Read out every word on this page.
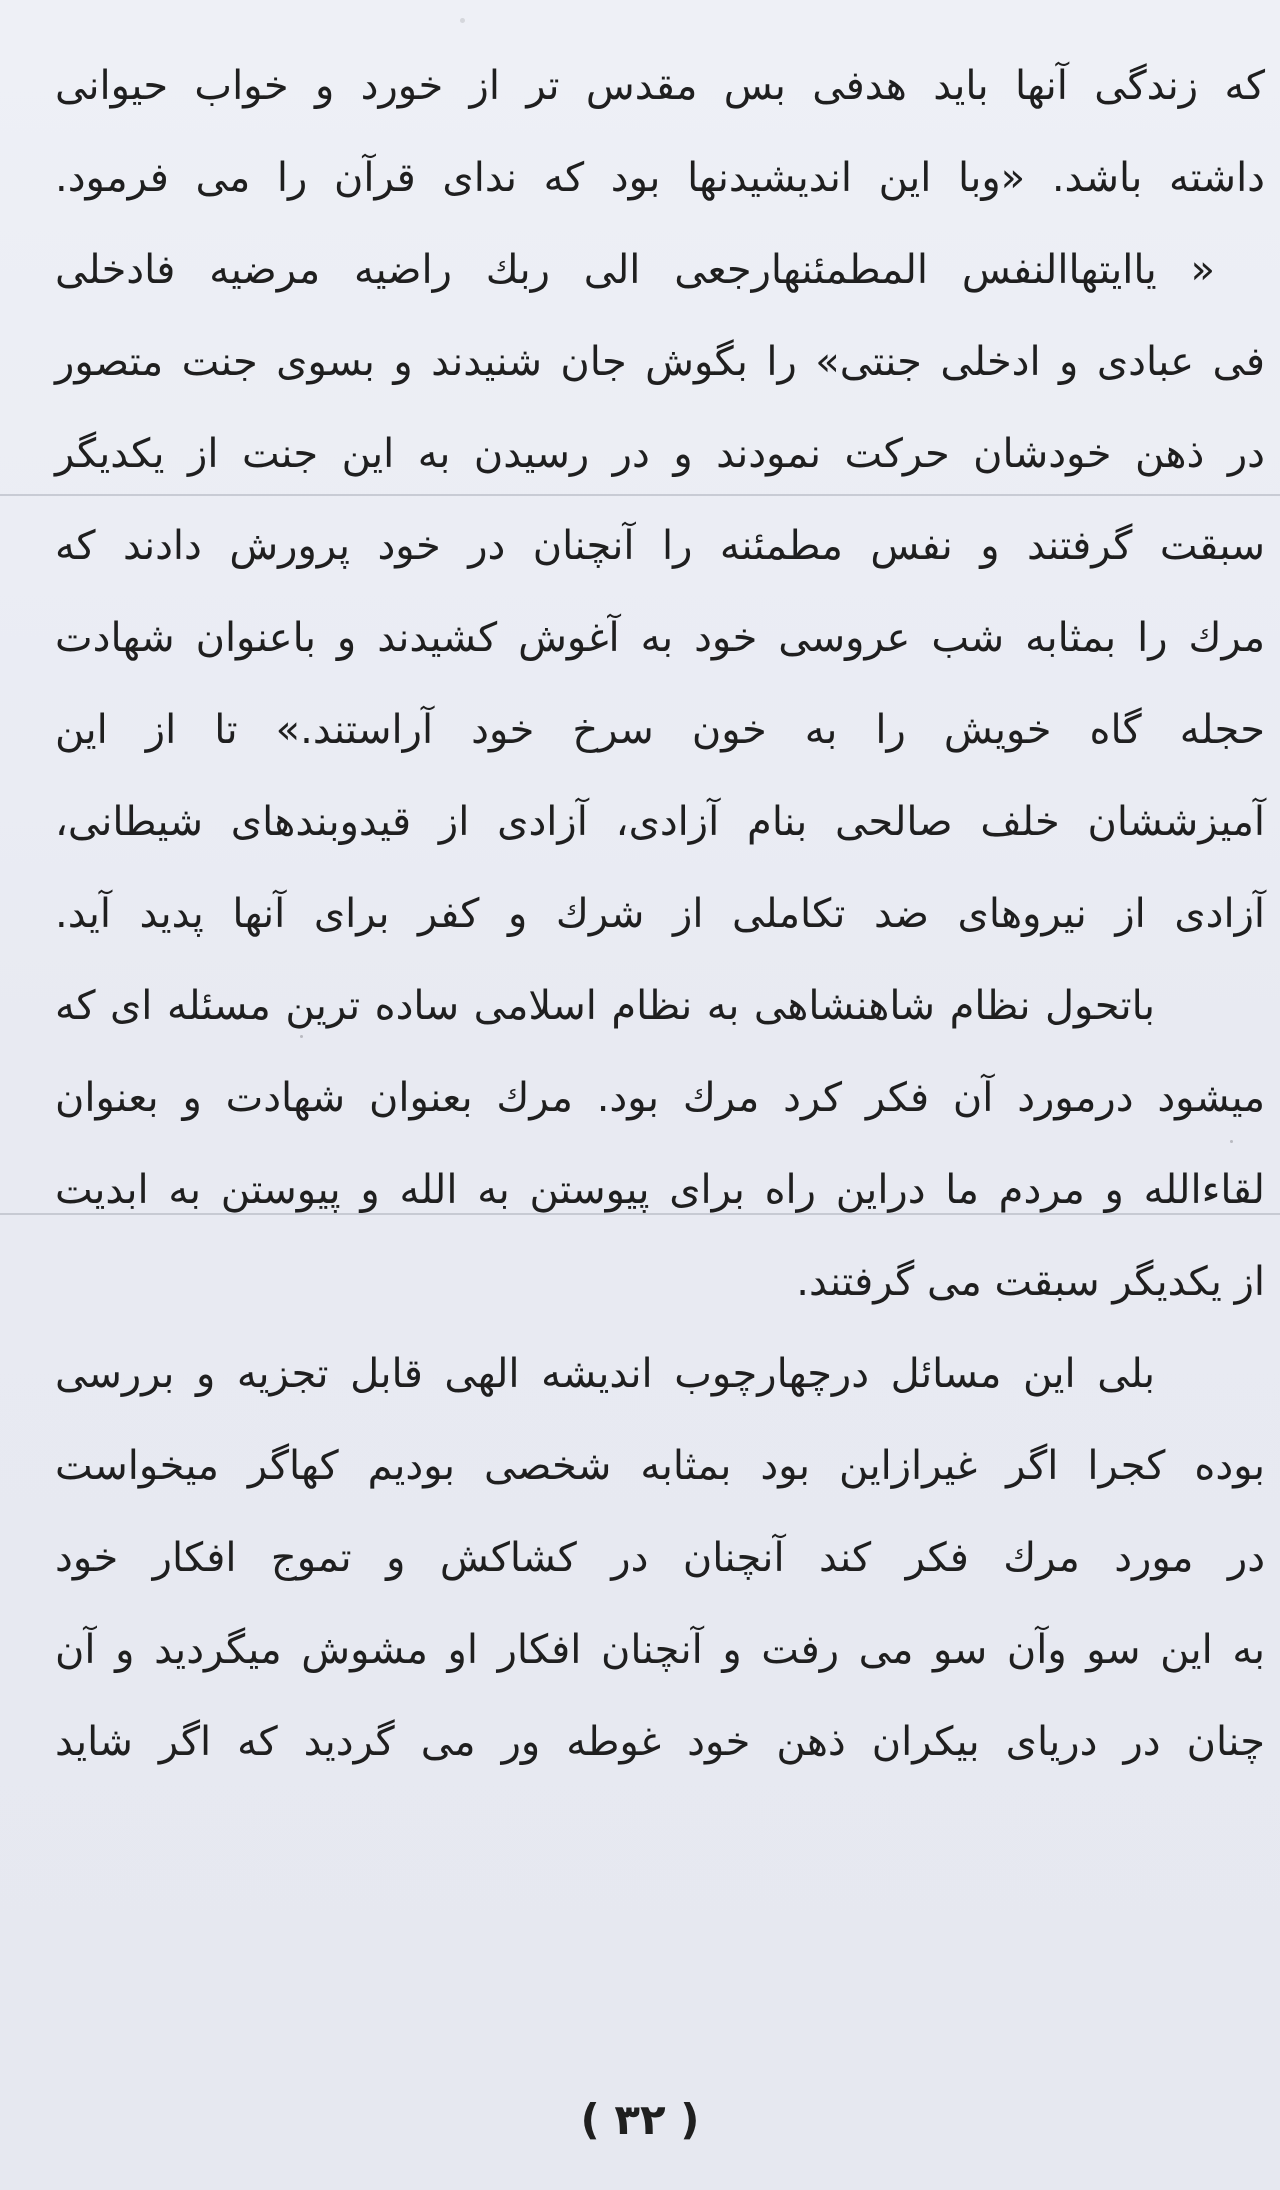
که زندگی آنها باید هدفی بس مقدس تر از خورد و خواب حیوانی
داشته باشد. «وبا این اندیشیدنها بود که ندای قرآن را می فرمود.
« یاایتهاالنفس المطمئنهارجعی الی ربك راضیه مرضیه فادخلی
فی عبادی و ادخلی جنتی» را بگوش جان شنیدند و بسوی جنت متصور
در ذهن خودشان حرکت نمودند و در رسیدن به این جنت از یکدیگر
سبقت گرفتند و نفس مطمئنه را آنچنان در خود پرورش دادند که
مرك را بمثابه شب عروسی خود به آغوش کشیدند و باعنوان شهادت
حجله گاه خویش را به خون سرخ خود آراستند.» تا از این
آمیزششان خلف صالحی بنام آزادی، آزادی از قیدوبندهای شیطانی،
آزادی از نیروهای ضد تکاملی از شرك و کفر برای آنها پدید آید.
باتحول نظام شاهنشاهی به نظام اسلامی ساده ترین مسئله ای که
میشود درمورد آن فکر کرد مرك بود. مرك بعنوان شهادت و بعنوان
لقاءالله و مردم ما دراین راه برای پیوستن به الله و پیوستن به ابدیت
از یکدیگر سبقت می گرفتند.
بلی این مسائل درچهارچوب اندیشه الهی قابل تجزیه و بررسی
بوده کجرا اگر غیرازاین بود بمثابه شخصی بودیم کهاگر میخواست
در مورد مرك فکر کند آنچنان در کشاکش و تموج افکار خود
به این سو وآن سو می رفت و آنچنان افکار او مشوش میگردید و آن
چنان در دریای بیکران ذهن خود غوطه ور می گردید که اگر شاید
( ۳۲ )
